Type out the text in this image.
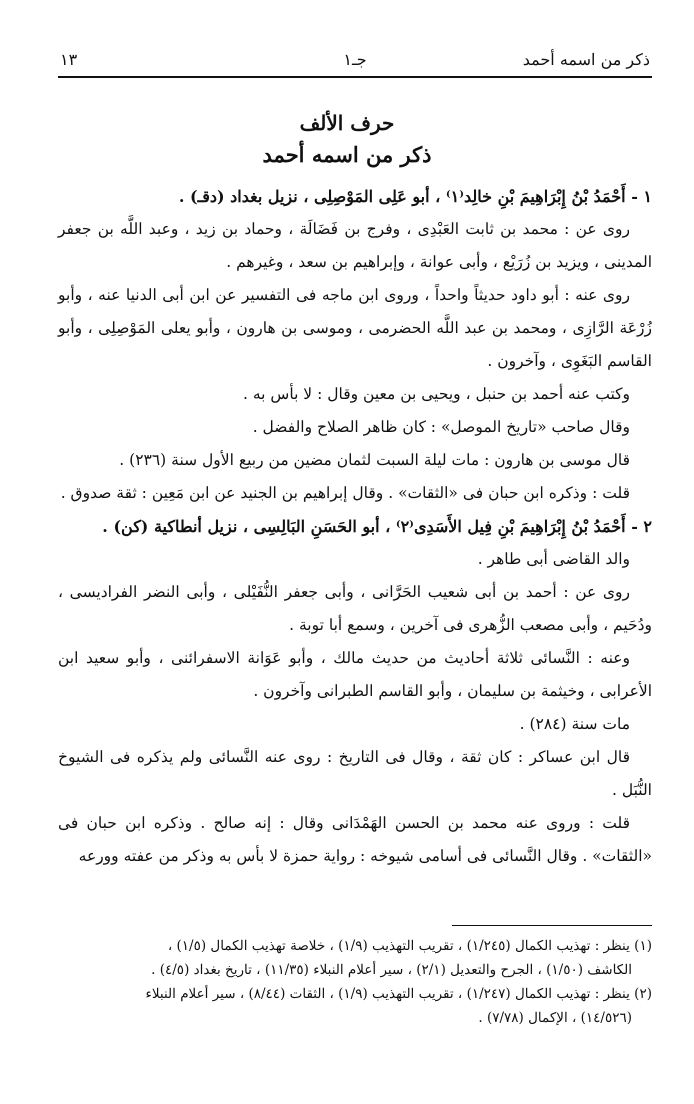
ذكر من اسمه أحمد
جـ١
١٣
حرف الألف
ذكر من اسمه أحمد

١ - أَحْمَدُ بْنُ إِبْرَاهِيمَ بْنِ خالِد⁽١⁾ ، أبو عَلِى المَوْصِلِى ، نزيل بغداد (دقـ) .

روى عن : محمد بن ثابت العَبْدِى ، وفرج بن فَضَالَة ، وحماد بن زيد ، وعبد اللَّه بن جعفر المدينى ، ويزيد بن زُرَيْع ، وأبى عوانة ، وإبراهيم بن سعد ، وغيرهم .

روى عنه : أبو داود حديثاً واحداً ، وروى ابن ماجه فى التفسير عن ابن أبى الدنيا عنه ، وأبو زُرْعَة الرَّازِى ، ومحمد بن عبد اللَّه الحضرمى ، وموسى بن هارون ، وأبو يعلى المَوْصِلِى ، وأبو القاسم البَغَوِى ، وآخرون .

وكتب عنه أحمد بن حنبل ، ويحيى بن معين وقال : لا بأس به .

وقال صاحب «تاريخ الموصل» : كان ظاهر الصلاح والفضل .

قال موسى بن هارون : مات ليلة السبت لثمان مضين من ربيع الأول سنة (٢٣٦) .

قلت : وذكره ابن حبان فى «الثقات» . وقال إبراهيم بن الجنيد عن ابن مَعِين : ثقة صدوق .

٢ - أَحْمَدُ بْنُ إِبْرَاهِيمَ بْنِ فِيل الأَسَدِى⁽٢⁾ ، أبو الحَسَنِ البَالِسِى ، نزيل أنطاكية (كن) .

والد القاضى أبى طاهر .

روى عن : أحمد بن أبى شعيب الحَرَّانى ، وأبى جعفر النُّفَيْلى ، وأبى النضر الفراديسى ، ودُحَيم ، وأبى مصعب الزُّهرى فى آخرين ، وسمع أبا توبة .

وعنه : النَّسائى ثلاثة أحاديث من حديث مالك ، وأبو عَوَانة الاسفرائنى ، وأبو سعيد ابن الأعرابى ، وخيثمة بن سليمان ، وأبو القاسم الطبرانى وآخرون .

مات سنة (٢٨٤) .

قال ابن عساكر : كان ثقة ، وقال فى التاريخ : روى عنه النَّسائى ولم يذكره فى الشيوخ النُّبَل .

قلت : وروى عنه محمد بن الحسن الهَمْدَانى وقال : إنه صالح . وذكره ابن حبان فى «الثقات» . وقال النَّسائى فى أسامى شيوخه : رواية حمزة لا بأس به وذكر من عفته وورعه

(١) ينظر : تهذيب الكمال (١/٢٤٥) ، تقريب التهذيب (١/٩) ، خلاصة تهذيب الكمال (١/٥) ،

الكاشف (١/٥٠) ، الجرح والتعديل (٢/١) ، سير أعلام النبلاء (١١/٣٥) ، تاريخ بغداد (٤/٥) .

(٢) ينظر : تهذيب الكمال (١/٢٤٧) ، تقريب التهذيب (١/٩) ، الثقات (٨/٤٤) ، سير أعلام النبلاء

(١٤/٥٢٦) ، الإكمال (٧/٧٨) .
